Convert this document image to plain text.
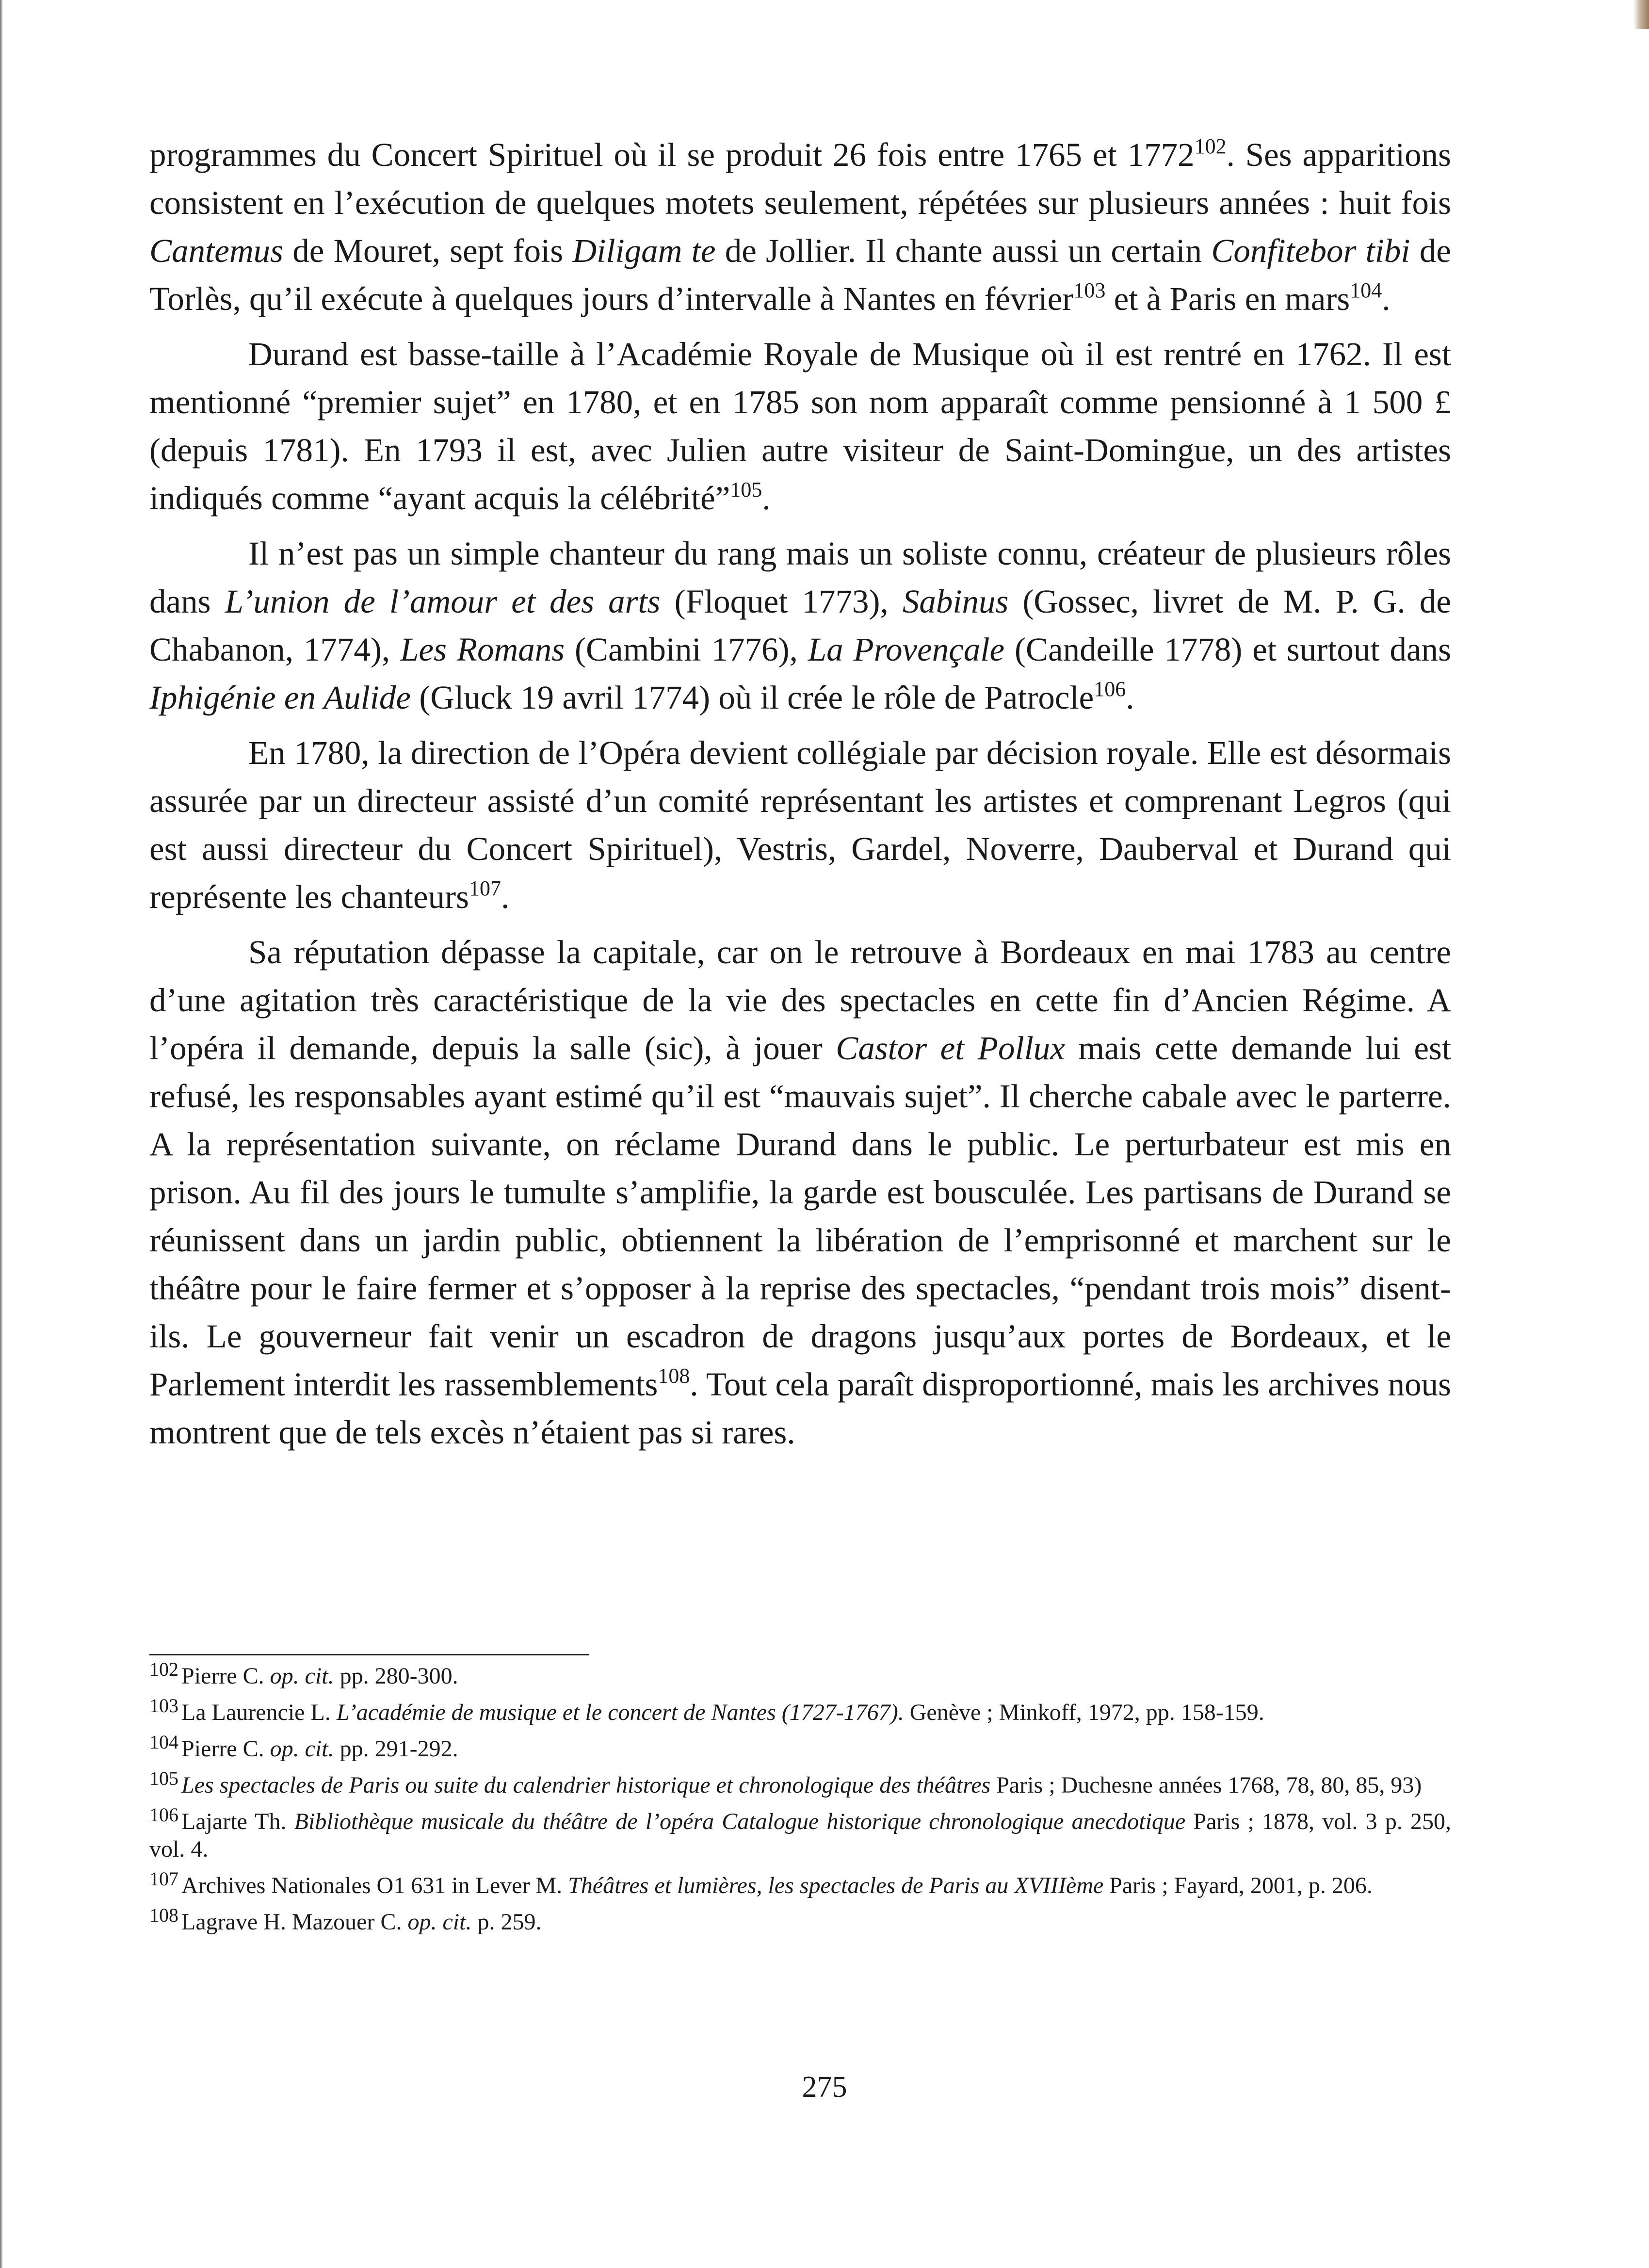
programmes du Concert Spirituel où il se produit 26 fois entre 1765 et 1772$^{102}$. Ses apparitions consistent en l’exécution de quelques motets seulement, répétées sur plusieurs années : huit fois Cantemus de Mouret, sept fois Diligam te de Jollier. Il chante aussi un certain Confitebor tibi de Torlès, qu’il exécute à quelques jours d’intervalle à Nantes en février$^{103}$ et à Paris en mars$^{104}$.

Durand est basse-taille à l’Académie Royale de Musique où il est rentré en 1762. Il est mentionné “premier sujet” en 1780, et en 1785 son nom apparaît comme pensionné à 1 500 £ (depuis 1781). En 1793 il est, avec Julien autre visiteur de Saint-Domingue, un des artistes indiqués comme “ayant acquis la célébrité”$^{105}$.

Il n’est pas un simple chanteur du rang mais un soliste connu, créateur de plusieurs rôles dans L’union de l’amour et des arts (Floquet 1773), Sabinus (Gossec, livret de M. P. G. de Chabanon, 1774), Les Romans (Cambini 1776), La Provençale (Candeille 1778) et surtout dans Iphigénie en Aulide (Gluck 19 avril 1774) où il crée le rôle de Patrocle$^{106}$.

En 1780, la direction de l’Opéra devient collégiale par décision royale. Elle est désormais assurée par un directeur assisté d’un comité représentant les artistes et comprenant Legros (qui est aussi directeur du Concert Spirituel), Vestris, Gardel, Noverre, Dauberval et Durand qui représente les chanteurs$^{107}$.

Sa réputation dépasse la capitale, car on le retrouve à Bordeaux en mai 1783 au centre d’une agitation très caractéristique de la vie des spectacles en cette fin d’Ancien Régime. A l’opéra il demande, depuis la salle (sic), à jouer Castor et Pollux mais cette demande lui est refusé, les responsables ayant estimé qu’il est “mauvais sujet”. Il cherche cabale avec le parterre. A la représentation suivante, on réclame Durand dans le public. Le perturbateur est mis en prison. Au fil des jours le tumulte s’amplifie, la garde est bousculée. Les partisans de Durand se réunissent dans un jardin public, obtiennent la libération de l’emprisonné et marchent sur le théâtre pour le faire fermer et s’opposer à la reprise des spectacles, “pendant trois mois” disent-ils. Le gouverneur fait venir un escadron de dragons jusqu’aux portes de Bordeaux, et le Parlement interdit les rassemblements$^{108}$. Tout cela paraît disproportionné, mais les archives nous montrent que de tels excès n’étaient pas si rares.

$^{102}$ Pierre C. op. cit. pp. 280-300.

$^{103}$ La Laurencie L. L’académie de musique et le concert de Nantes (1727-1767). Genève ; Minkoff, 1972, pp. 158-159.

$^{104}$ Pierre C. op. cit. pp. 291-292.

$^{105}$ Les spectacles de Paris ou suite du calendrier historique et chronologique des théâtres Paris ; Duchesne années 1768, 78, 80, 85, 93)

$^{106}$ Lajarte Th. Bibliothèque musicale du théâtre de l’opéra Catalogue historique chronologique anecdotique Paris ; 1878, vol. 3 p. 250, vol. 4.

$^{107}$ Archives Nationales O1 631 in Lever M. Théâtres et lumières, les spectacles de Paris au XVIIIème Paris ; Fayard, 2001, p. 206.

$^{108}$ Lagrave H. Mazouer C. op. cit. p. 259.

275
